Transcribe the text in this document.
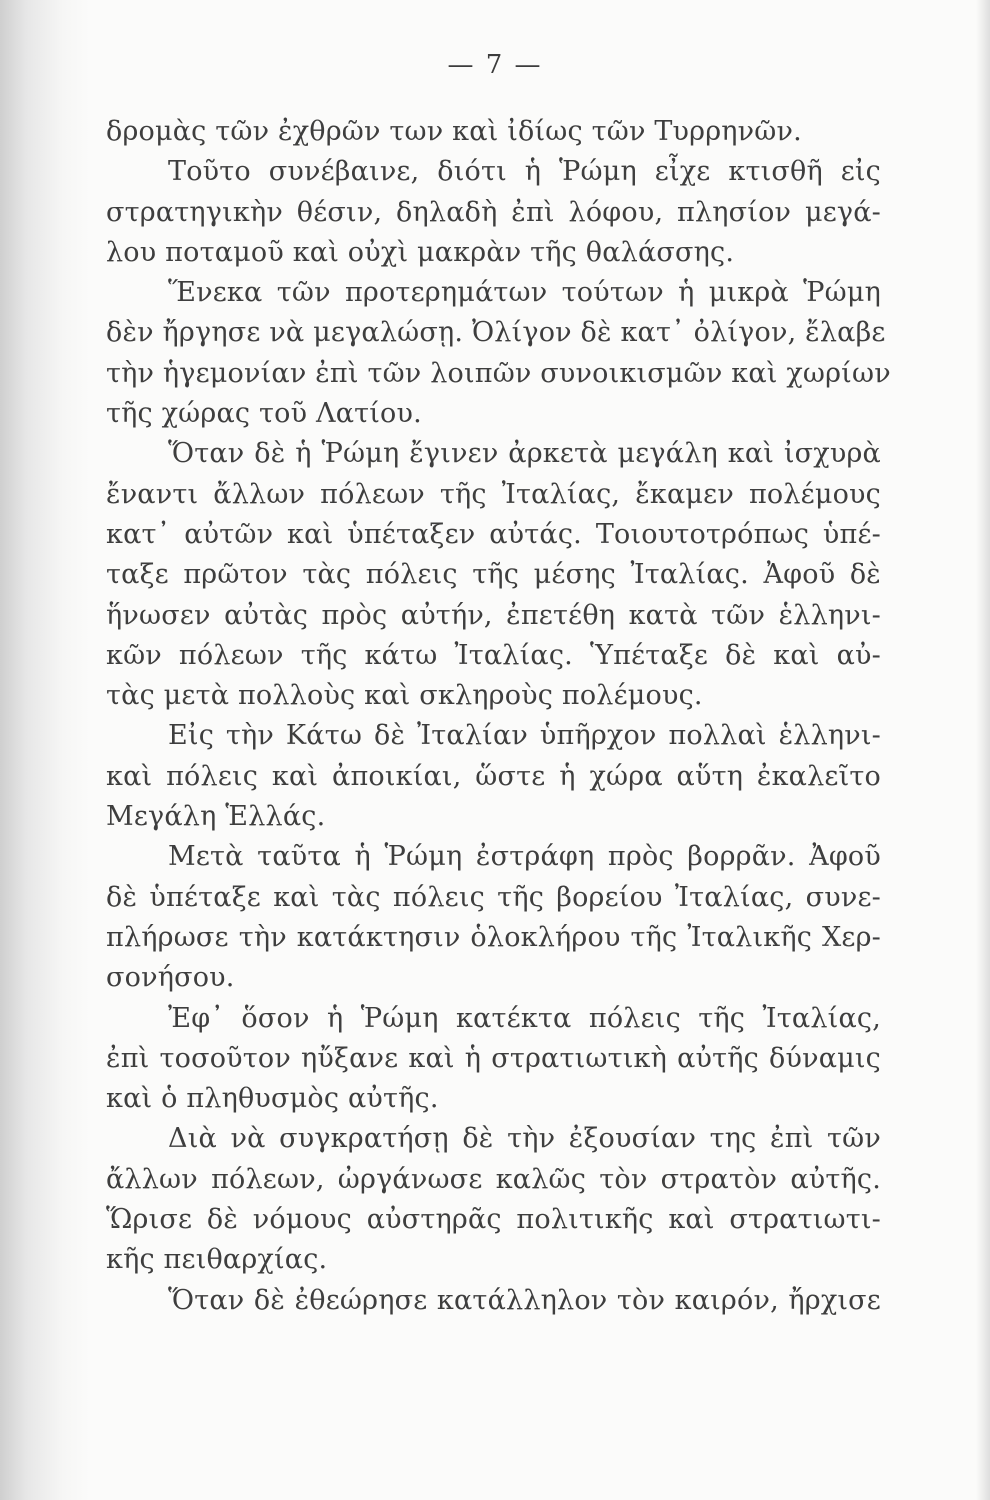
— 7 —
δρομὰς τῶν ἐχθρῶν των καὶ ἰδίως τῶν Τυρρηνῶν.
Τοῦτο συνέβαινε, διότι ἡ Ῥώμη εἶχε κτισθῆ εἰς
στρατηγικὴν θέσιν, δηλαδὴ ἐπὶ λόφου, πλησίον μεγά-
λου ποταμοῦ καὶ οὐχὶ μακρὰν τῆς θαλάσσης.
Ἕνεκα τῶν προτερημάτων τούτων ἡ μικρὰ Ῥώμη
δὲν ἤργησε νὰ μεγαλώσῃ. Ὀλίγον δὲ κατ᾽ ὀλίγον, ἔλαβε
τὴν ἡγεμονίαν ἐπὶ τῶν λοιπῶν συνοικισμῶν καὶ χωρίων
τῆς χώρας τοῦ Λατίου.
Ὅταν δὲ ἡ Ῥώμη ἔγινεν ἀρκετὰ μεγάλη καὶ ἰσχυρὰ
ἔναντι ἄλλων πόλεων τῆς Ἰταλίας, ἔκαμεν πολέμους
κατ᾽ αὐτῶν καὶ ὑπέταξεν αὐτάς. Τοιουτοτρόπως ὑπέ-
ταξε πρῶτον τὰς πόλεις τῆς μέσης Ἰταλίας. Ἀφοῦ δὲ
ἥνωσεν αὐτὰς πρὸς αὐτήν, ἐπετέθη κατὰ τῶν ἑλληνι-
κῶν πόλεων τῆς κάτω Ἰταλίας. Ὑπέταξε δὲ καὶ αὐ-
τὰς μετὰ πολλοὺς καὶ σκληροὺς πολέμους.
Εἰς τὴν Κάτω δὲ Ἰταλίαν ὑπῆρχον πολλαὶ ἑλληνι-
καὶ πόλεις καὶ ἀποικίαι, ὥστε ἡ χώρα αὕτη ἐκαλεῖτο
Μεγάλη Ἑλλάς.
Μετὰ ταῦτα ἡ Ῥώμη ἐστράφη πρὸς βορρᾶν. Ἀφοῦ
δὲ ὑπέταξε καὶ τὰς πόλεις τῆς βορείου Ἰταλίας, συνε-
πλήρωσε τὴν κατάκτησιν ὁλοκλήρου τῆς Ἰταλικῆς Χερ-
σονήσου.
Ἐφ᾽ ὅσον ἡ Ῥώμη κατέκτα πόλεις τῆς Ἰταλίας,
ἐπὶ τοσοῦτον ηὔξανε καὶ ἡ στρατιωτικὴ αὐτῆς δύναμις
καὶ ὁ πληθυσμὸς αὐτῆς.
Διὰ νὰ συγκρατήσῃ δὲ τὴν ἐξουσίαν της ἐπὶ τῶν
ἄλλων πόλεων, ὠργάνωσε καλῶς τὸν στρατὸν αὐτῆς.
Ὥρισε δὲ νόμους αὐστηρᾶς πολιτικῆς καὶ στρατιωτι-
κῆς πειθαρχίας.
Ὅταν δὲ ἐθεώρησε κατάλληλον τὸν καιρόν, ἤρχισε
